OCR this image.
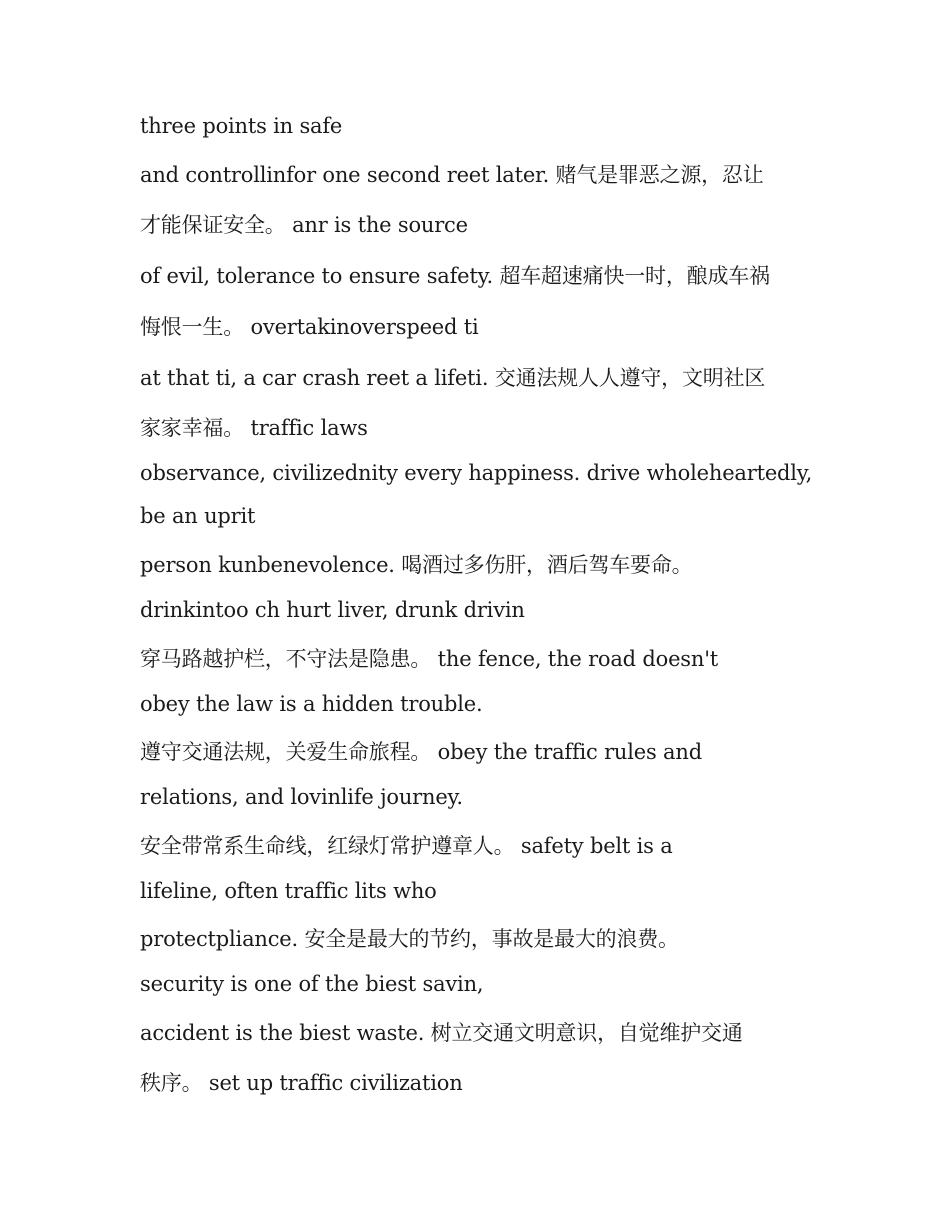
three points in safe
and controllinfor one second reet later. 赌气是罪恶之源，忍让
才能保证安全。 anr is the source
of evil, tolerance to ensure safety. 超车超速痛快一时，酿成车祸
悔恨一生。 overtakinoverspeed ti
at that ti, a car crash reet a lifeti. 交通法规人人遵守，文明社区
家家幸福。 traffic laws
observance, civilizednity every happiness. drive wholeheartedly,
be an uprit
person kunbenevolence. 喝酒过多伤肝，酒后驾车要命。
drinkintoo ch hurt liver, drunk drivin
穿马路越护栏，不守法是隐患。 the fence, the road doesn't
obey the law is a hidden trouble.
遵守交通法规，关爱生命旅程。 obey the traffic rules and
relations, and lovinlife journey.
安全带常系生命线，红绿灯常护遵章人。 safety belt is a
lifeline, often traffic lits who
protectpliance. 安全是最大的节约，事故是最大的浪费。
security is one of the biest savin,
accident is the biest waste. 树立交通文明意识，自觉维护交通
秩序。 set up traffic civilization
